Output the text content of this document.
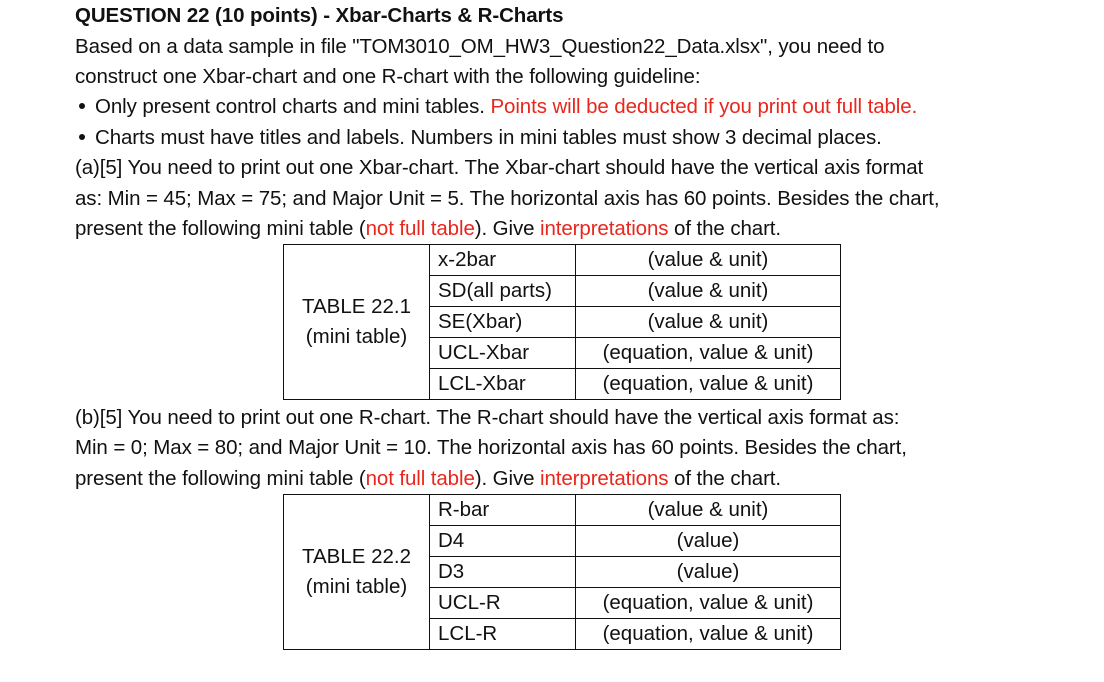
QUESTION 22 (10 points) - Xbar-Charts & R-Charts
Based on a data sample in file "TOM3010_OM_HW3_Question22_Data.xlsx", you need to
construct one Xbar-chart and one R-chart with the following guideline:
Only present control charts and mini tables. Points will be deducted if you print out full table.
Charts must have titles and labels. Numbers in mini tables must show 3 decimal places.
(a)[5] You need to print out one Xbar-chart. The Xbar-chart should have the vertical axis format
as: Min = 45; Max = 75; and Major Unit = 5. The horizontal axis has 60 points. Besides the chart,
present the following mini table (not full table). Give interpretations of the chart.
(b)[5] You need to print out one R-chart. The R-chart should have the vertical axis format as:
Min = 0; Max = 80; and Major Unit = 10. The horizontal axis has 60 points. Besides the chart,
present the following mini table (not full table). Give interpretations of the chart.
TABLE 22.1
(mini table)	x-2bar	(value & unit)
	SD(all parts)	(value & unit)
	SE(Xbar)	(value & unit)
	UCL-Xbar	(equation, value & unit)
	LCL-Xbar	(equation, value & unit)
TABLE 22.2
(mini table)	R-bar	(value & unit)
	D4	(value)
	D3	(value)
	UCL-R	(equation, value & unit)
	LCL-R	(equation, value & unit)
